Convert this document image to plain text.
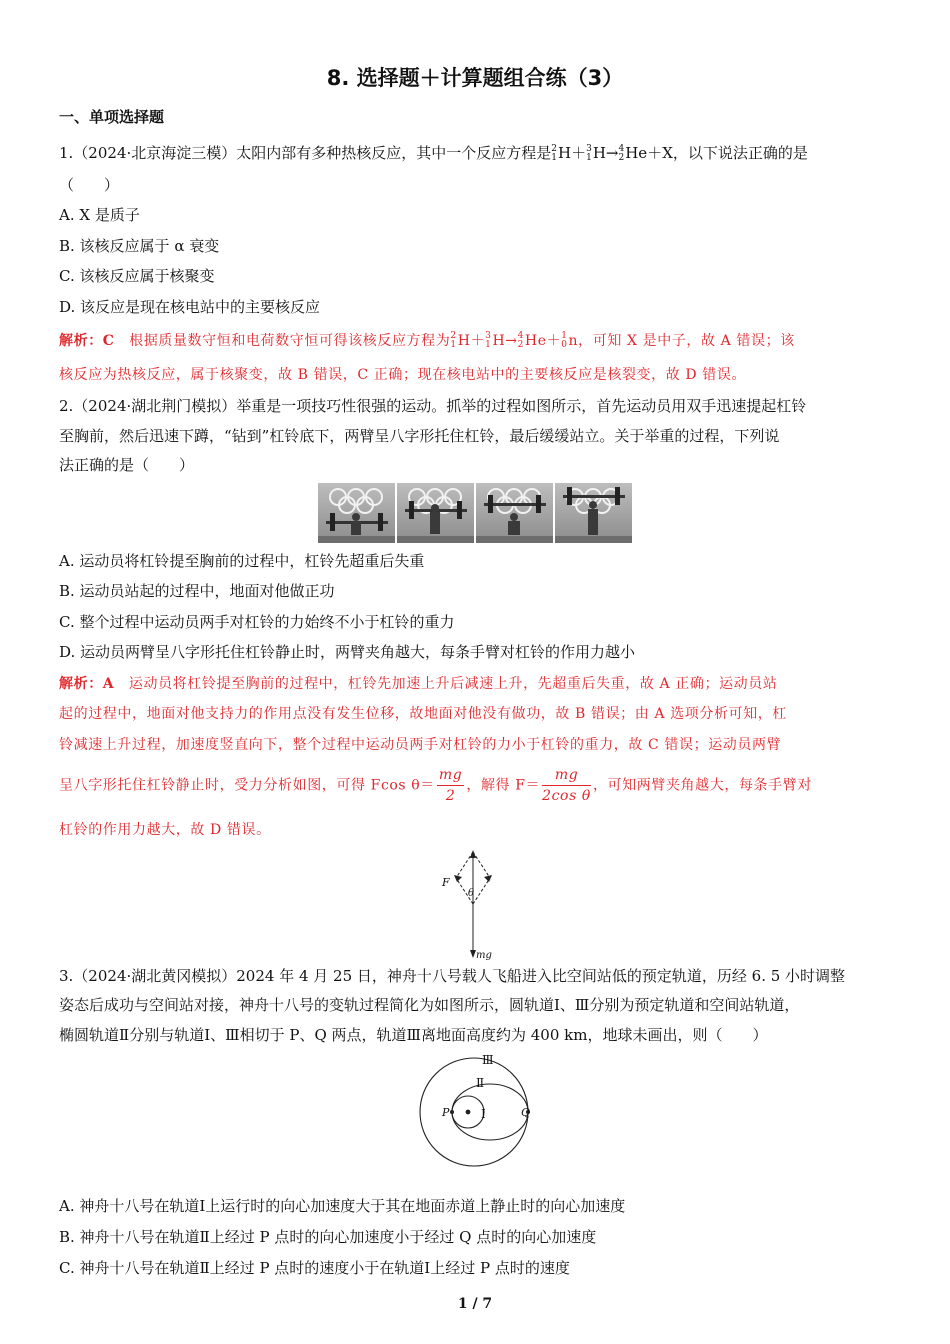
8. 选择题＋计算题组合练（3）
一、单项选择题
1.（2024·北京海淀三模）太阳内部有多种热核反应，其中一个反应方程是 2
1 H＋ 3
1 H→ 4
2 He＋X，以下说法正确的是
（　　）
A. X 是质子
B. 该核反应属于 α 衰变
C. 该核反应属于核聚变
D. 该反应是现在核电站中的主要核反应
解析：C　根据质量数守恒和电荷数守恒可得该核反应方程为 2
1 H＋ 3
1 H→ 4
2 He＋ 1
0 n，可知 X 是中子，故 A 错误；该
核反应为热核反应，属于核聚变，故 B 错误，C 正确；现在核电站中的主要核反应是核裂变，故 D 错误。
2.（2024·湖北荆门模拟）举重是一项技巧性很强的运动。抓举的过程如图所示，首先运动员用双手迅速提起杠铃
至胸前，然后迅速下蹲，“钻到”杠铃底下，两臂呈八字形托住杠铃，最后缓缓站立。关于举重的过程，下列说
法正确的是（　　）
A. 运动员将杠铃提至胸前的过程中，杠铃先超重后失重
B. 运动员站起的过程中，地面对他做正功
C. 整个过程中运动员两手对杠铃的力始终不小于杠铃的重力
D. 运动员两臂呈八字形托住杠铃静止时，两臂夹角越大，每条手臂对杠铃的作用力越小
解析：A　运动员将杠铃提至胸前的过程中，杠铃先加速上升后减速上升，先超重后失重，故 A 正确；运动员站
起的过程中，地面对他支持力的作用点没有发生位移，故地面对他没有做功，故 B 错误；由 A 选项分析可知，杠
铃减速上升过程，加速度竖直向下，整个过程中运动员两手对杠铃的力小于杠铃的重力，故 C 错误；运动员两臂
呈八字形托住杠铃静止时，受力分析如图，可得 Fcos $\theta= \frac{mg}{2}$ ，解得 $F= \frac{mg}{\text{2cos θ}}$ ，可知两臂夹角越大，每条手臂对
杠铃的作用力越大，故 D 错误。
F
θ
mg
3.（2024·湖北黄冈模拟）2024 年 4 月 25 日，神舟十八号载人飞船进入比空间站低的预定轨道，历经 6. 5 小时调整
姿态后成功与空间站对接，神舟十八号的变轨过程简化为如图所示，圆轨道Ⅰ、Ⅲ分别为预定轨道和空间站轨道，
椭圆轨道Ⅱ分别与轨道Ⅰ、Ⅲ相切于 P、Q 两点，轨道Ⅲ离地面高度约为 400 km，地球未画出，则（　　）
Ⅲ
Ⅱ
Ⅰ
P	Q
A. 神舟十八号在轨道Ⅰ上运行时的向心加速度大于其在地面赤道上静止时的向心加速度
B. 神舟十八号在轨道Ⅱ上经过 P 点时的向心加速度小于经过 Q 点时的向心加速度
C. 神舟十八号在轨道Ⅱ上经过 P 点时的速度小于在轨道Ⅰ上经过 P 点时的速度
1 / 7
